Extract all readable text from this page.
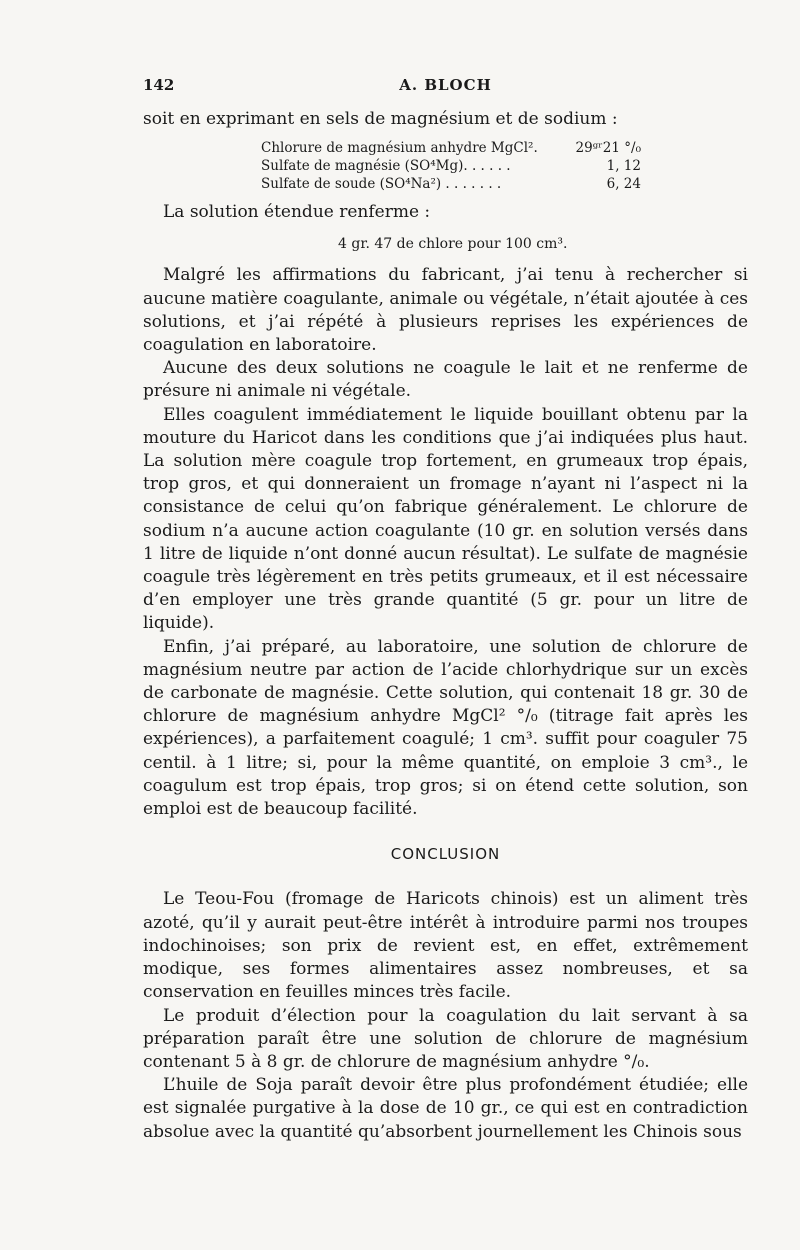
142	A. BLOCH

soit en exprimant en sels de magnésium et de sodium :

Chlorure de magnésium anhydre MgCl².	29ᵍʳ21 °/₀
Sulfate de magnésie (SO⁴Mg). . . . . .	1, 12
Sulfate de soude (SO⁴Na²) . . . . . . .	6, 24

La solution étendue renferme :

4 gr. 47 de chlore pour 100 cm³.

Malgré les affirmations du fabricant, j’ai tenu à rechercher si aucune matière coagulante, animale ou végétale, n’était ajoutée à ces solutions, et j’ai répété à plusieurs reprises les expériences de coagulation en laboratoire.

Aucune des deux solutions ne coagule le lait et ne renferme de présure ni animale ni végétale.

Elles coagulent immédiatement le liquide bouillant obtenu par la mouture du Haricot dans les conditions que j’ai indiquées plus haut. La solution mère coagule trop fortement, en grumeaux trop épais, trop gros, et qui donneraient un fromage n’ayant ni l’aspect ni la consistance de celui qu’on fabrique généralement. Le chlorure de sodium n’a aucune action coagulante (10 gr. en solution versés dans 1 litre de liquide n’ont donné aucun résultat). Le sulfate de magnésie coagule très légèrement en très petits grumeaux, et il est nécessaire d’en employer une très grande quantité (5 gr. pour un litre de liquide).

Enfin, j’ai préparé, au laboratoire, une solution de chlorure de magnésium neutre par action de l’acide chlorhydrique sur un excès de carbonate de magnésie. Cette solution, qui contenait 18 gr. 30 de chlorure de magnésium anhydre MgCl² °/₀ (titrage fait après les expériences), a parfaitement coagulé; 1 cm³. suffit pour coaguler 75 centil. à 1 litre; si, pour la même quantité, on emploie 3 cm³., le coagulum est trop épais, trop gros; si on étend cette solution, son emploi est de beaucoup facilité.

CONCLUSION

Le Teou-Fou (fromage de Haricots chinois) est un aliment très azoté, qu’il y aurait peut-être intérêt à introduire parmi nos troupes indochinoises; son prix de revient est, en effet, extrêmement modique, ses formes alimentaires assez nombreuses, et sa conservation en feuilles minces très facile.

Le produit d’élection pour la coagulation du lait servant à sa préparation paraît être une solution de chlorure de magnésium contenant 5 à 8 gr. de chlorure de magnésium anhydre °/₀.

L’huile de Soja paraît devoir être plus profondément étudiée; elle est signalée purgative à la dose de 10 gr., ce qui est en contradiction absolue avec la quantité qu’absorbent journellement les Chinois sous
